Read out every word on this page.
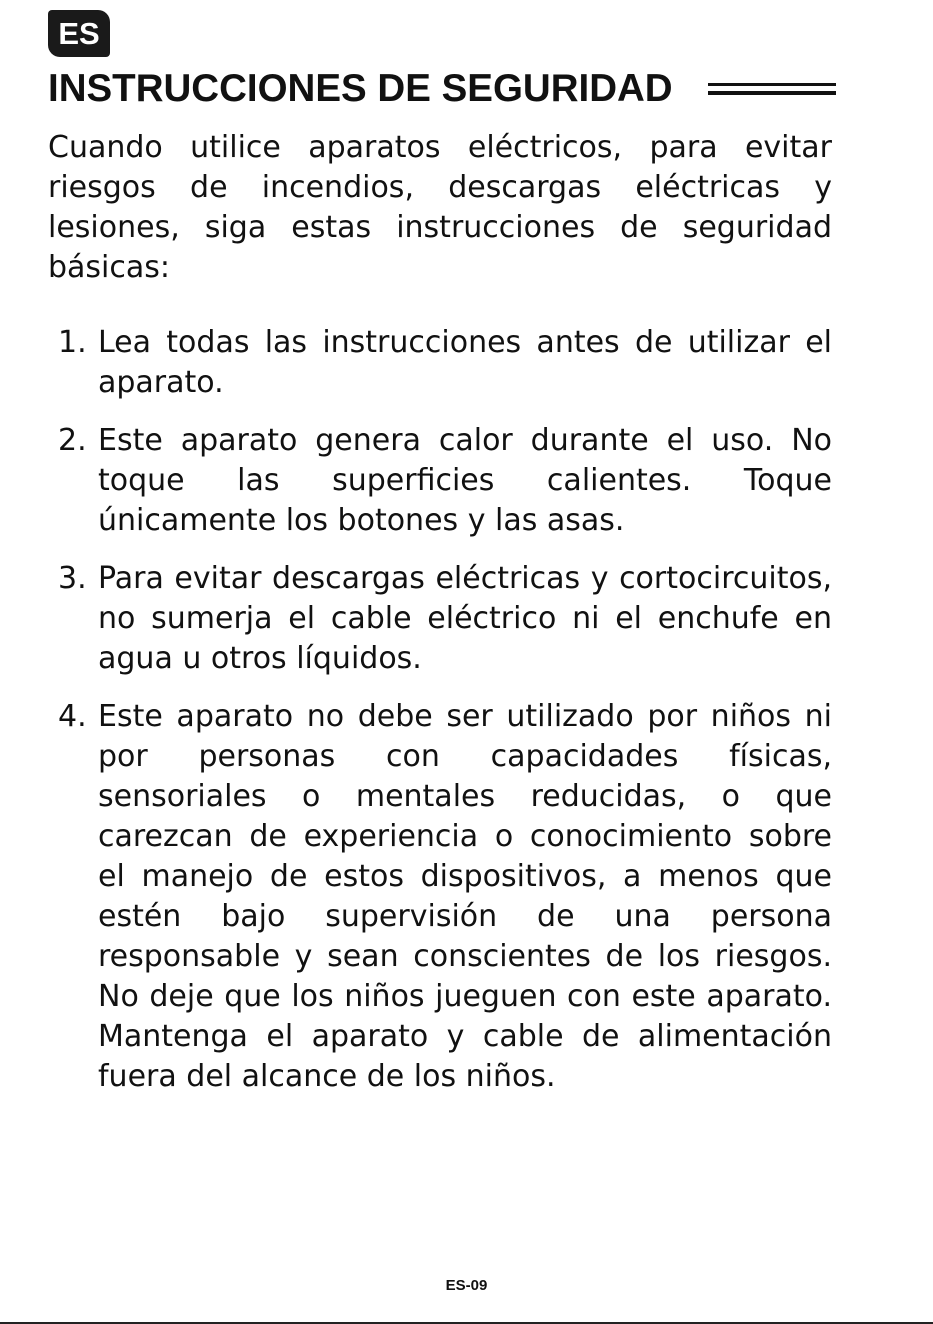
ES
INSTRUCCIONES DE SEGURIDAD

Cuando utilice aparatos eléctricos, para evitar riesgos de incendios, descargas eléctricas y lesiones, siga estas instrucciones de seguridad básicas:

1. Lea todas las instrucciones antes de utilizar el aparato.
2. Este aparato genera calor durante el uso. No toque las superficies calientes. Toque únicamente los botones y las asas.
3. Para evitar descargas eléctricas y cortocircuitos, no sumerja el cable eléctrico ni el enchufe en agua u otros líquidos.
4. Este aparato no debe ser utilizado por niños ni por personas con capacidades físicas, sensoriales o mentales reducidas, o que carezcan de experiencia o conocimiento sobre el manejo de estos dispositivos, a menos que estén bajo supervisión de una persona responsable y sean conscientes de los riesgos. No deje que los niños jueguen con este aparato. Mantenga el aparato y cable de alimentación fuera del alcance de los niños.
ES-09
